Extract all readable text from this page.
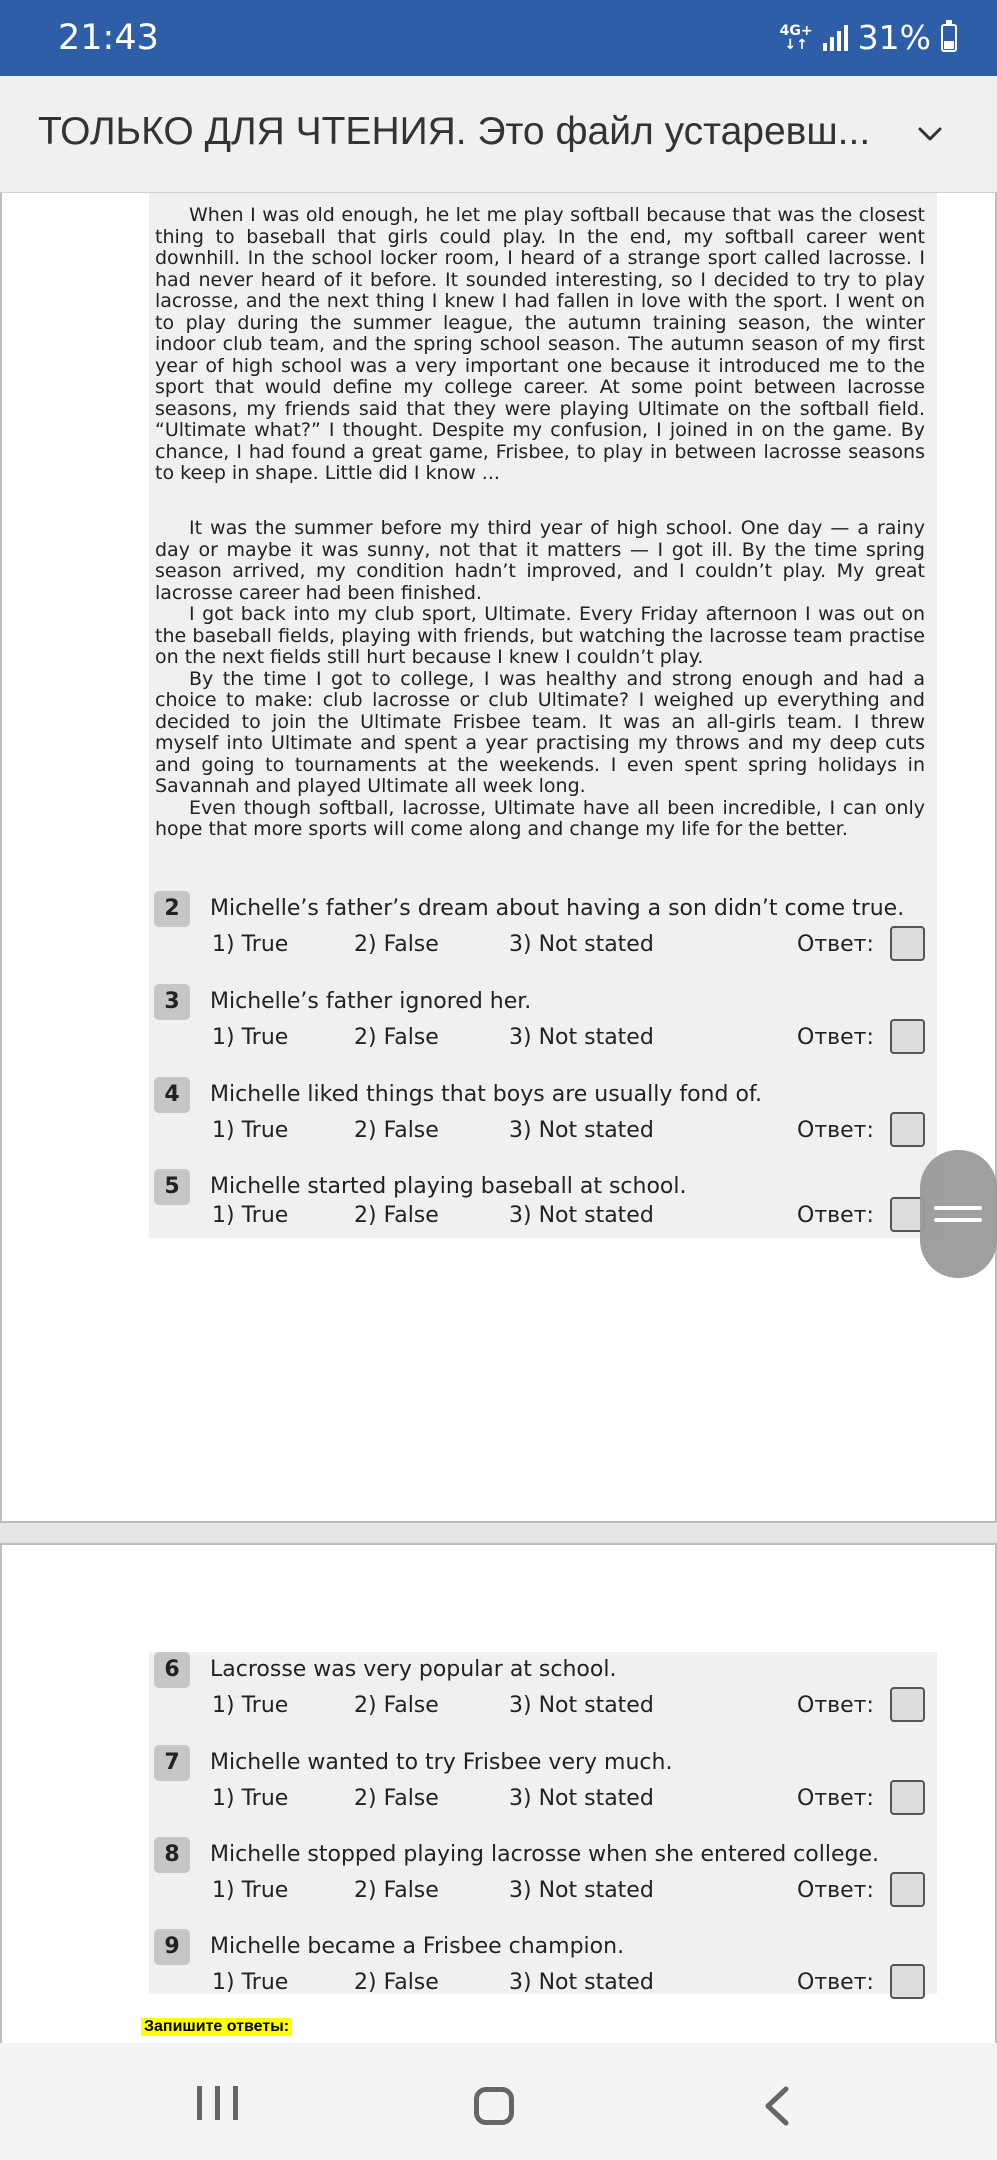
21:43	4G+
↓↑ 31%
ТОЛЬКО ДЛЯ ЧТЕНИЯ. Это файл устаревш...

When I was old enough, he let me play softball because that was the closest thing to baseball that girls could play. In the end, my softball career went downhill. In the school locker room, I heard of a strange sport called lacrosse. I had never heard of it before. It sounded interesting, so I decided to try to play lacrosse, and the next thing I knew I had fallen in love with the sport. I went on to play during the summer league, the autumn training season, the winter indoor club team, and the spring school season. The autumn season of my first year of high school was a very important one because it introduced me to the sport that would define my college career. At some point between lacrosse seasons, my friends said that they were playing Ultimate on the softball field. “Ultimate what?” I thought. Despite my confusion, I joined in on the game. By chance, I had found a great game, Frisbee, to play in between lacrosse seasons to keep in shape. Little did I know ...

It was the summer before my third year of high school. One day — a rainy day or maybe it was sunny, not that it matters — I got ill. By the time spring season arrived, my condition hadn’t improved, and I couldn’t play. My great lacrosse career had been finished.

I got back into my club sport, Ultimate. Every Friday afternoon I was out on the baseball fields, playing with friends, but watching the lacrosse team practise on the next fields still hurt because I knew I couldn’t play.

By the time I got to college, I was healthy and strong enough and had a choice to make: club lacrosse or club Ultimate? I weighed up everything and decided to join the Ultimate Frisbee team. It was an all-girls team. I threw myself into Ultimate and spent a year practising my throws and my deep cuts and going to tournaments at the weekends. I even spent spring holidays in Savannah and played Ultimate all week long.

Even though softball, lacrosse, Ultimate have all been incredible, I can only hope that more sports will come along and change my life for the better.

2	Michelle’s father’s dream about having a son didn’t come true.
1) True	2) False	3) Not stated	Ответ:
3	Michelle’s father ignored her.
1) True	2) False	3) Not stated	Ответ:
4	Michelle liked things that boys are usually fond of.
1) True	2) False	3) Not stated	Ответ:
5	Michelle started playing baseball at school.
1) True	2) False	3) Not stated	Ответ:
6	Lacrosse was very popular at school.
1) True	2) False	3) Not stated	Ответ:
7	Michelle wanted to try Frisbee very much.
1) True	2) False	3) Not stated	Ответ:
8	Michelle stopped playing lacrosse when she entered college.
1) True	2) False	3) Not stated	Ответ:
9	Michelle became a Frisbee champion.
1) True	2) False	3) Not stated	Ответ:
Запишите ответы:
